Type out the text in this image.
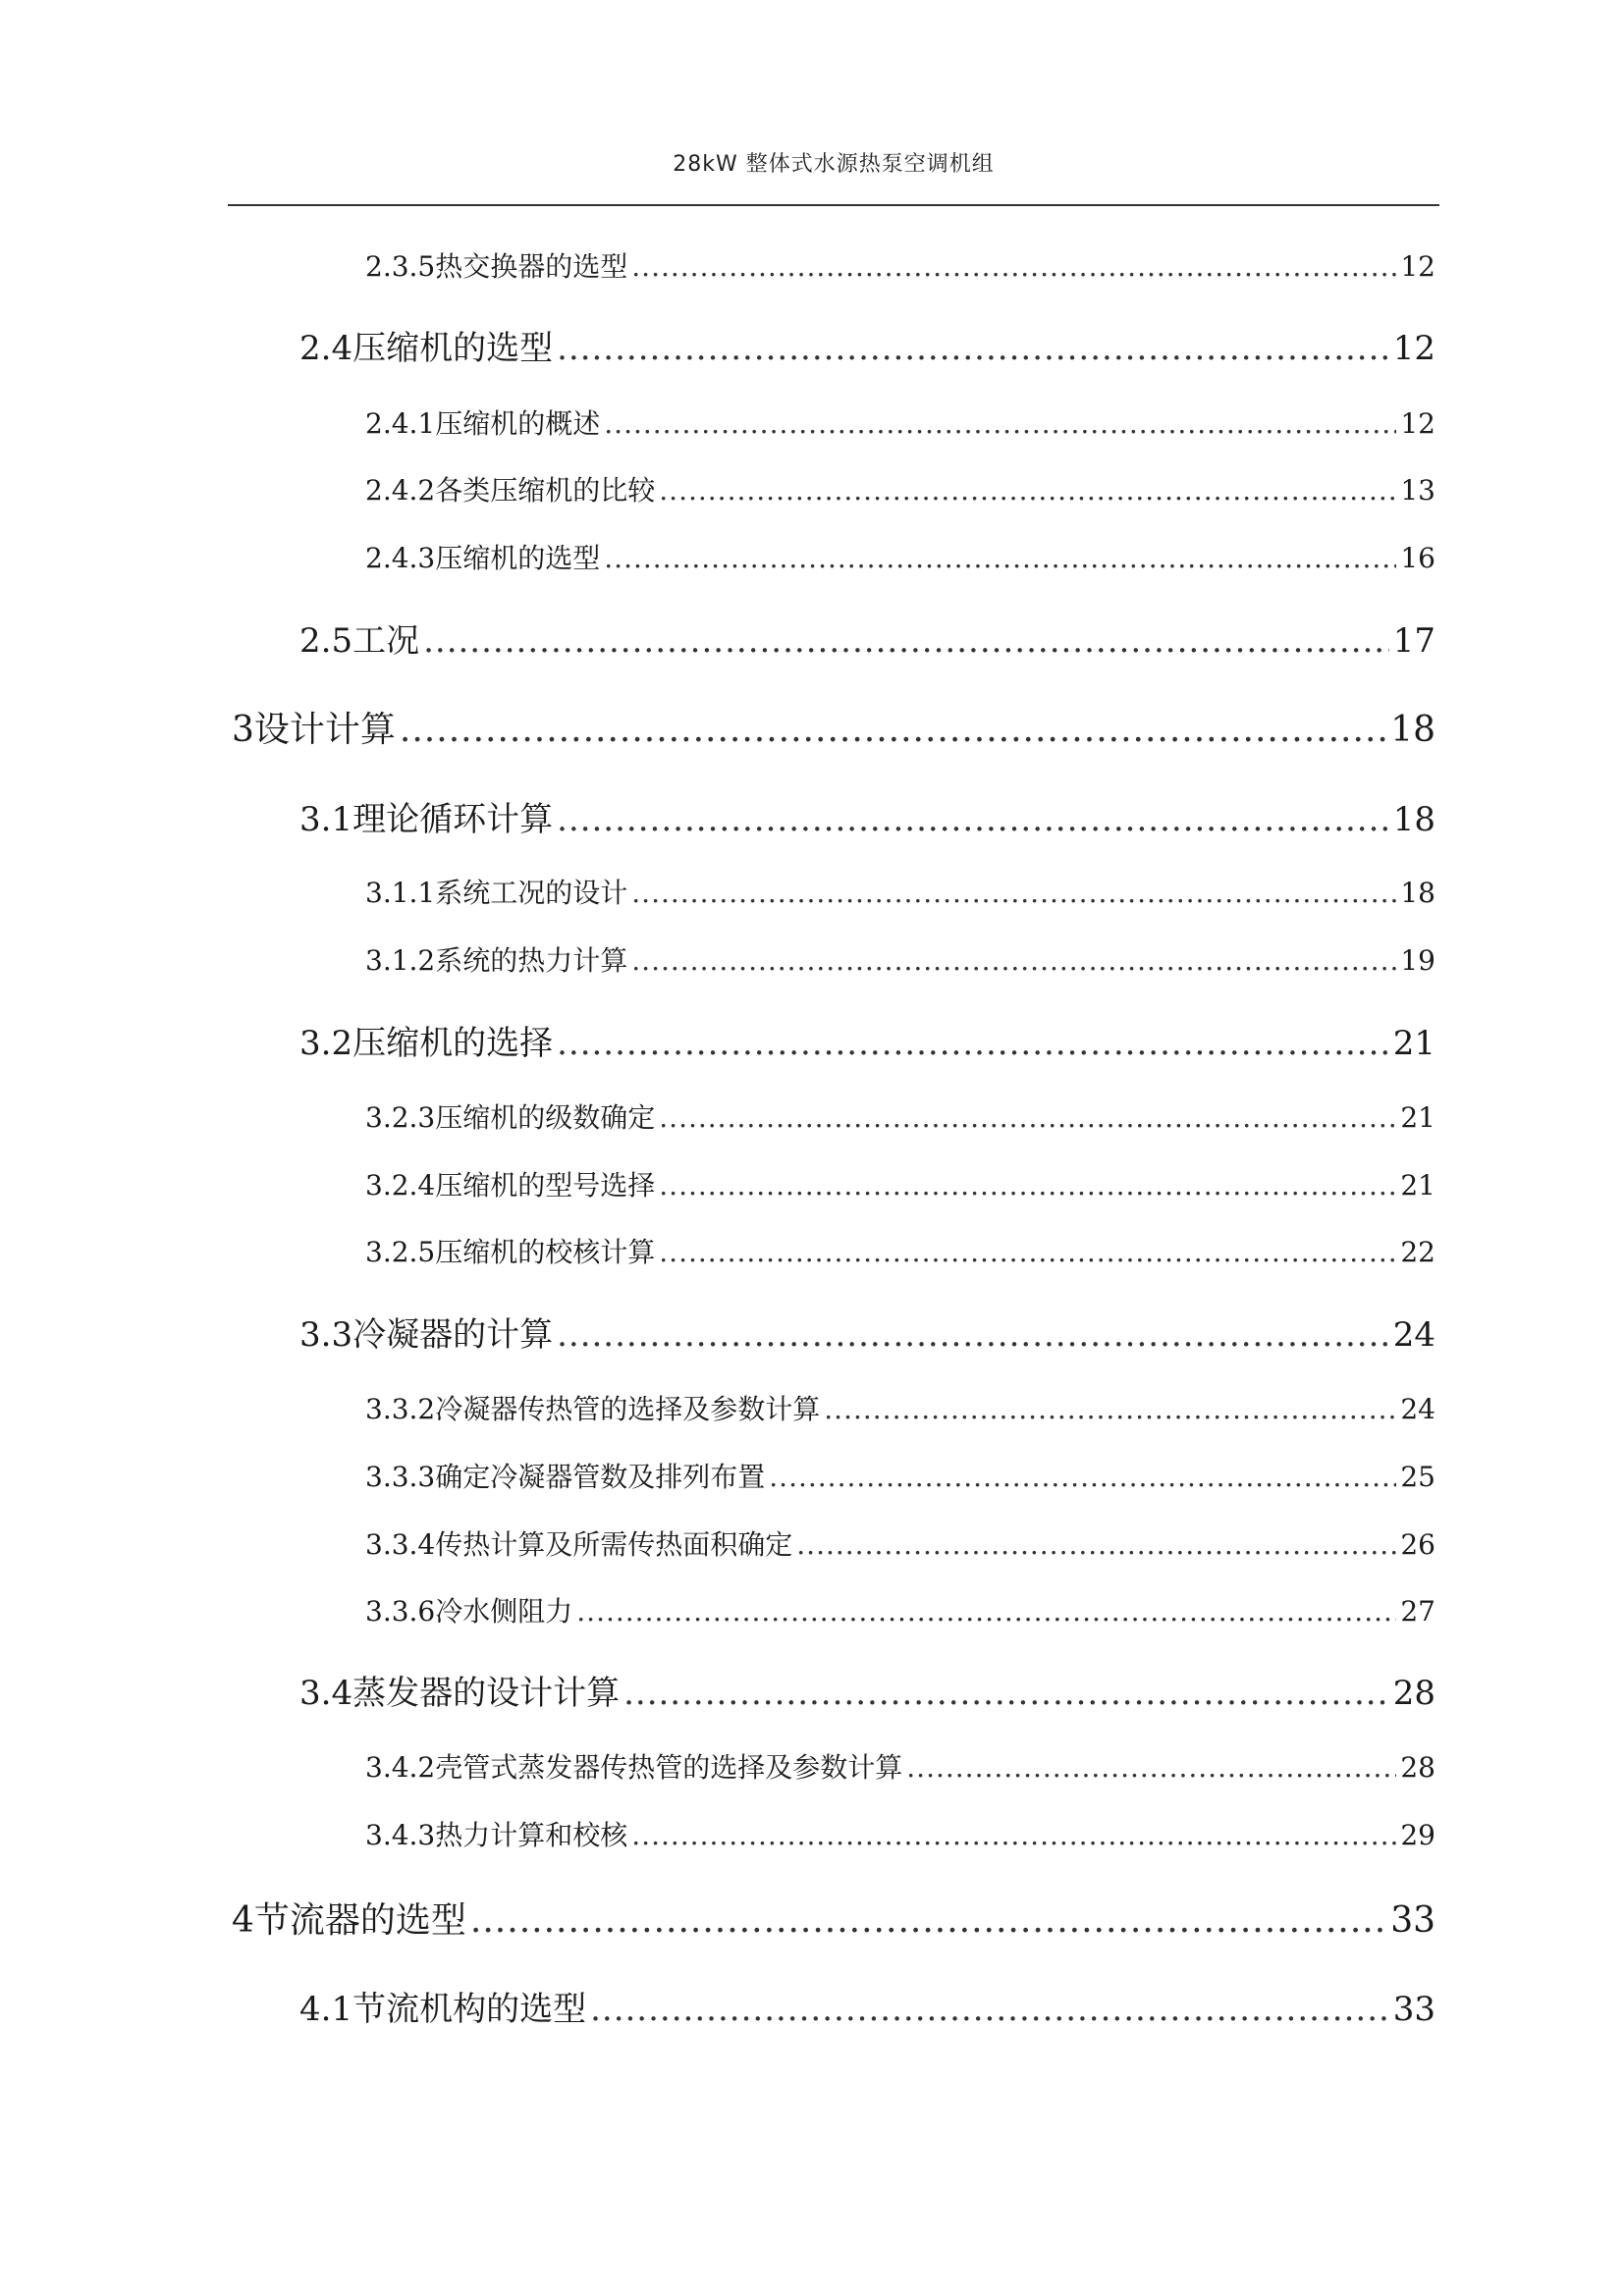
28kW 整体式水源热泵空调机组
2.3.5 热交换器的选型 .....	12
2.4 压缩机的选型 .....	12
2.4.1 压缩机的概述 .....	12
2.4.2 各类压缩机的比较 .....	13
2.4.3 压缩机的选型 .....	16
2.5 工况 .....	17
3 设计计算 .....	18
3.1 理论循环计算 .....	18
3.1.1 系统工况的设计 .....	18
3.1.2 系统的热力计算 .....	19
3.2 压缩机的选择 .....	21
3.2.3 压缩机的级数确定 .....	21
3.2.4 压缩机的型号选择 .....	21
3.2.5 压缩机的校核计算 .....	22
3.3 冷凝器的计算 .....	24
3.3.2 冷凝器传热管的选择及参数计算 .....	24
3.3.3 确定冷凝器管数及排列布置 .....	25
3.3.4 传热计算及所需传热面积确定 .....	26
3.3.6 冷水侧阻力 .....	27
3.4 蒸发器的设计计算 .....	28
3.4.2 壳管式蒸发器传热管的选择及参数计算 .....	28
3.4.3 热力计算和校核 .....	29
4 节流器的选型 .....	33
4.1 节流机构的选型 .....	33
